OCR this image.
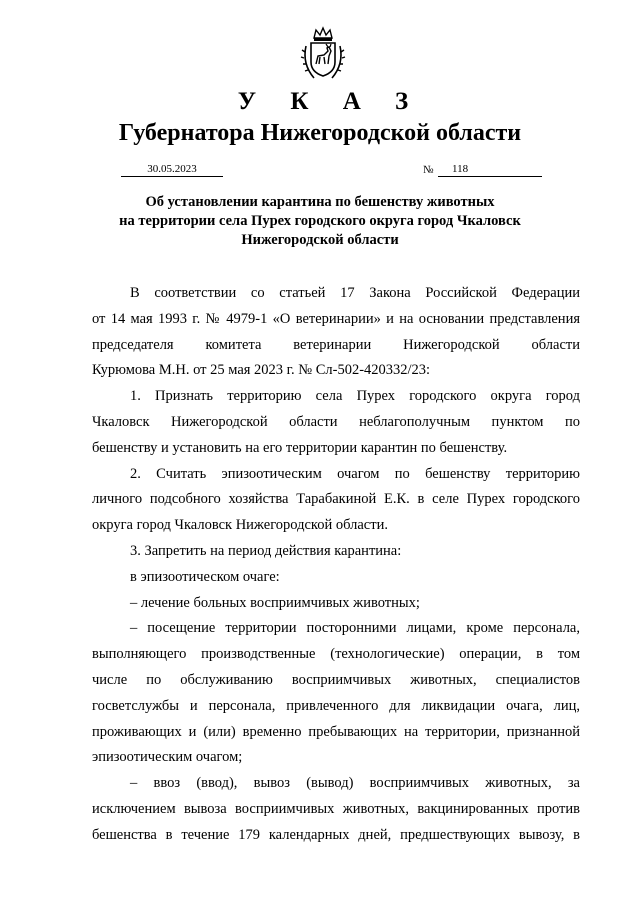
У К А З
Губернатора Нижегородской области
30.05.2023	№	118
Об установлении карантина по бешенству животных
на территории села Пурех городского округа город Чкаловск
Нижегородской области
В соответствии со статьей 17 Закона Российской Федерации
от 14 мая 1993 г. № 4979-1 «О ветеринарии» и на основании представления
председателя комитета ветеринарии Нижегородской области
Курюмова М.Н. от 25 мая 2023 г. № Сл-502-420332/23:
1. Признать территорию села Пурех городского округа город
Чкаловск Нижегородской области неблагополучным пунктом по
бешенству и установить на его территории карантин по бешенству.
2. Считать эпизоотическим очагом по бешенству территорию
личного подсобного хозяйства Тарабакиной Е.К. в селе Пурех городского
округа город Чкаловск Нижегородской области.
3. Запретить на период действия карантина:
в эпизоотическом очаге:
– лечение больных восприимчивых животных;
– посещение территории посторонними лицами, кроме персонала,
выполняющего производственные (технологические) операции, в том
числе по обслуживанию восприимчивых животных, специалистов
госветслужбы и персонала, привлеченного для ликвидации очага, лиц,
проживающих и (или) временно пребывающих на территории, признанной
эпизоотическим очагом;
– ввоз (ввод), вывоз (вывод) восприимчивых животных, за
исключением вывоза восприимчивых животных, вакцинированных против
бешенства в течение 179 календарных дней, предшествующих вывозу, в
